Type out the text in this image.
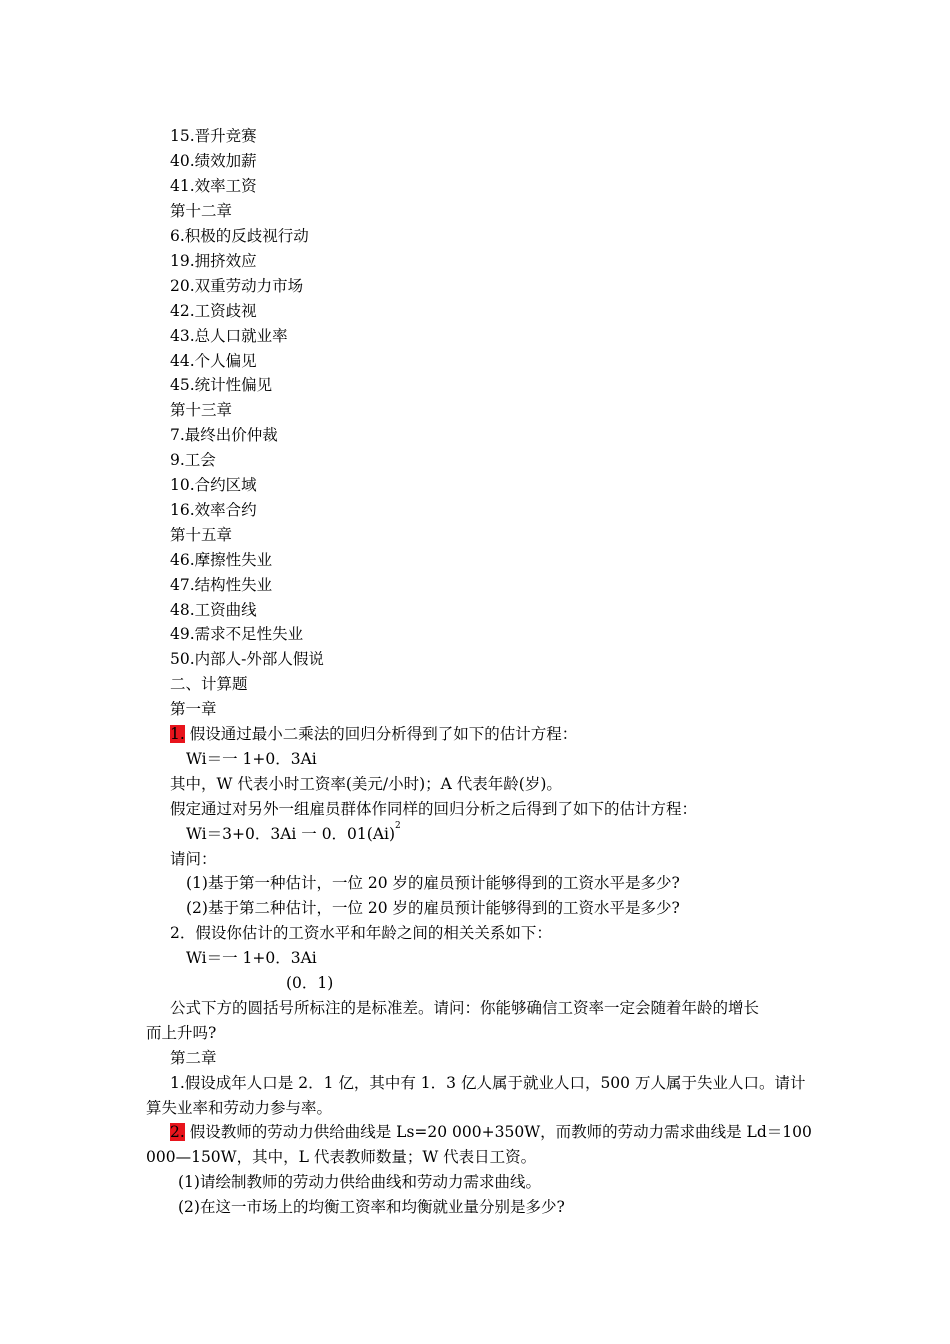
15.晋升竞赛
40.绩效加薪
41.效率工资
第十二章
6.积极的反歧视行动
19.拥挤效应
20.双重劳动力市场
42.工资歧视
43.总人口就业率
44.个人偏见
45.统计性偏见
第十三章
7.最终出价仲裁
9.工会
10.合约区域
16.效率合约
第十五章
46.摩擦性失业
47.结构性失业
48.工资曲线
49.需求不足性失业
50.内部人-外部人假说
二、计算题
第一章
1. 假设通过最小二乘法的回归分析得到了如下的估计方程：
Wi＝一 1+0．3Ai
其中，W 代表小时工资率(美元/小时)；A 代表年龄(岁)。
假定通过对另外一组雇员群体作同样的回归分析之后得到了如下的估计方程：
Wi＝3+0．3Ai 一 0．$01(Ai)^2$
请问：
(1)基于第一种估计，一位 20 岁的雇员预计能够得到的工资水平是多少?
(2)基于第二种估计，一位 20 岁的雇员预计能够得到的工资水平是多少?
2．假设你估计的工资水平和年龄之间的相关关系如下：
Wi＝一 1+0．3Ai
(0．1)
公式下方的圆括号所标注的是标准差。请问：你能够确信工资率一定会随着年龄的增长
而上升吗?
第二章
1.假设成年人口是 2．1 亿，其中有 1．3 亿人属于就业人口，500 万人属于失业人口。请计
算失业率和劳动力参与率。
2. 假设教师的劳动力供给曲线是 Ls=20 000+350W，而教师的劳动力需求曲线是 Ld＝100
000—150W，其中，L 代表教师数量；W 代表日工资。
(1)请绘制教师的劳动力供给曲线和劳动力需求曲线。
(2)在这一市场上的均衡工资率和均衡就业量分别是多少?
